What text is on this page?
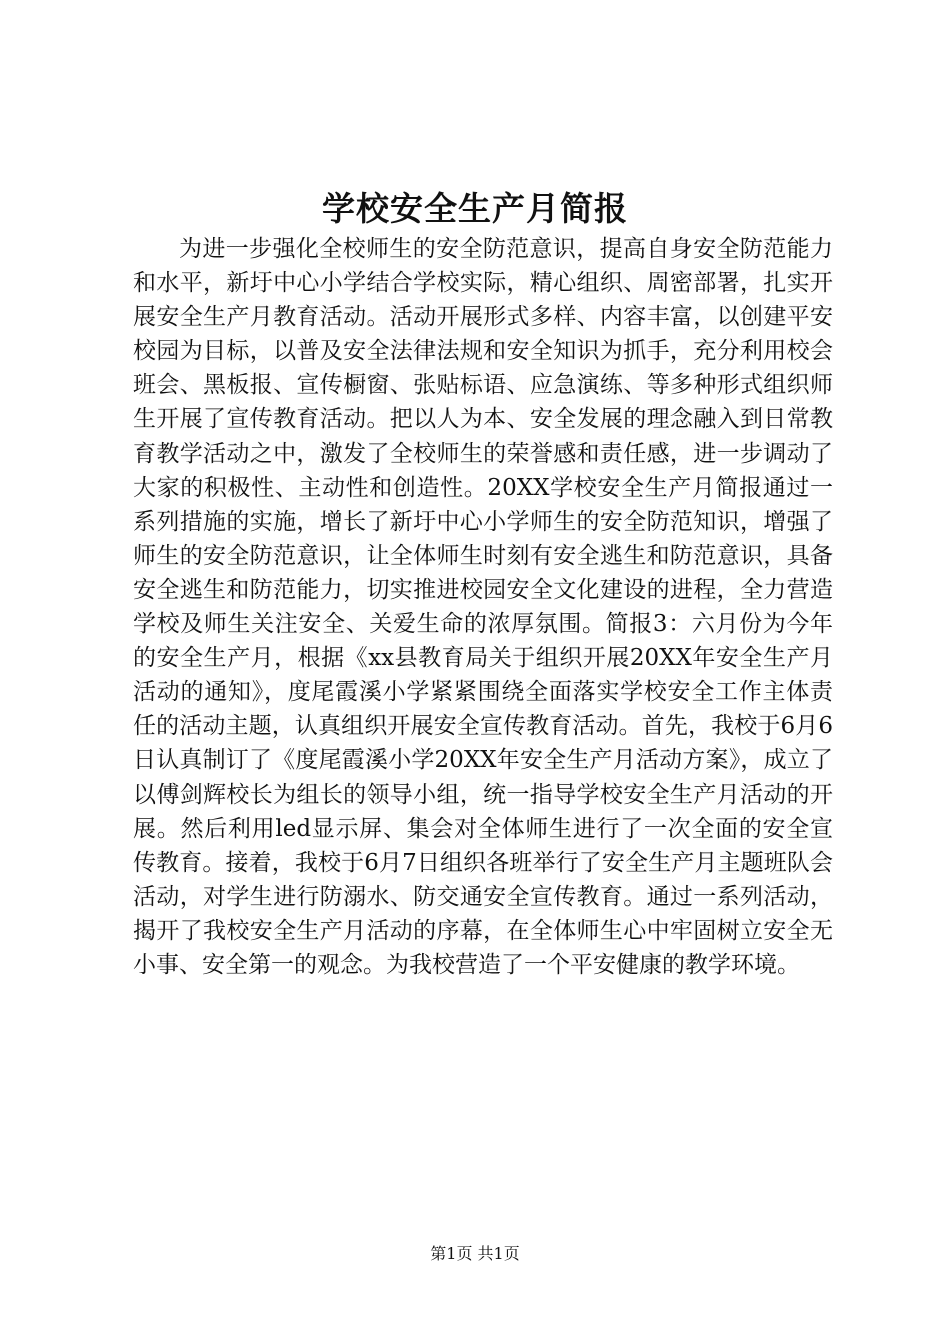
学校安全生产月简报

为进一步强化全校师生的安全防范意识，提高自身安全防范能力和水平，新圩中心小学结合学校实际，精心组织、周密部署，扎实开展安全生产月教育活动。活动开展形式多样、内容丰富，以创建平安校园为目标，以普及安全法律法规和安全知识为抓手，充分利用校会班会、黑板报、宣传橱窗、张贴标语、应急演练、等多种形式组织师生开展了宣传教育活动。把以人为本、安全发展的理念融入到日常教育教学活动之中，激发了全校师生的荣誉感和责任感，进一步调动了大家的积极性、主动性和创造性。20XX学校安全生产月简报通过一系列措施的实施，增长了新圩中心小学师生的安全防范知识，增强了师生的安全防范意识，让全体师生时刻有安全逃生和防范意识，具备安全逃生和防范能力，切实推进校园安全文化建设的进程，全力营造学校及师生关注安全、关爱生命的浓厚氛围。简报3：六月份为今年的安全生产月，根据《xx县教育局关于组织开展20XX年安全生产月活动的通知》，度尾霞溪小学紧紧围绕全面落实学校安全工作主体责任的活动主题，认真组织开展安全宣传教育活动。首先，我校于6月6日认真制订了《度尾霞溪小学20XX年安全生产月活动方案》，成立了以傅剑辉校长为组长的领导小组，统一指导学校安全生产月活动的开展。然后利用led显示屏、集会对全体师生进行了一次全面的安全宣传教育。接着，我校于6月7日组织各班举行了安全生产月主题班队会活动，对学生进行防溺水、防交通安全宣传教育。通过一系列活动，揭开了我校安全生产月活动的序幕，在全体师生心中牢固树立安全无小事、安全第一的观念。为我校营造了一个平安健康的教学环境。

第1页 共1页
